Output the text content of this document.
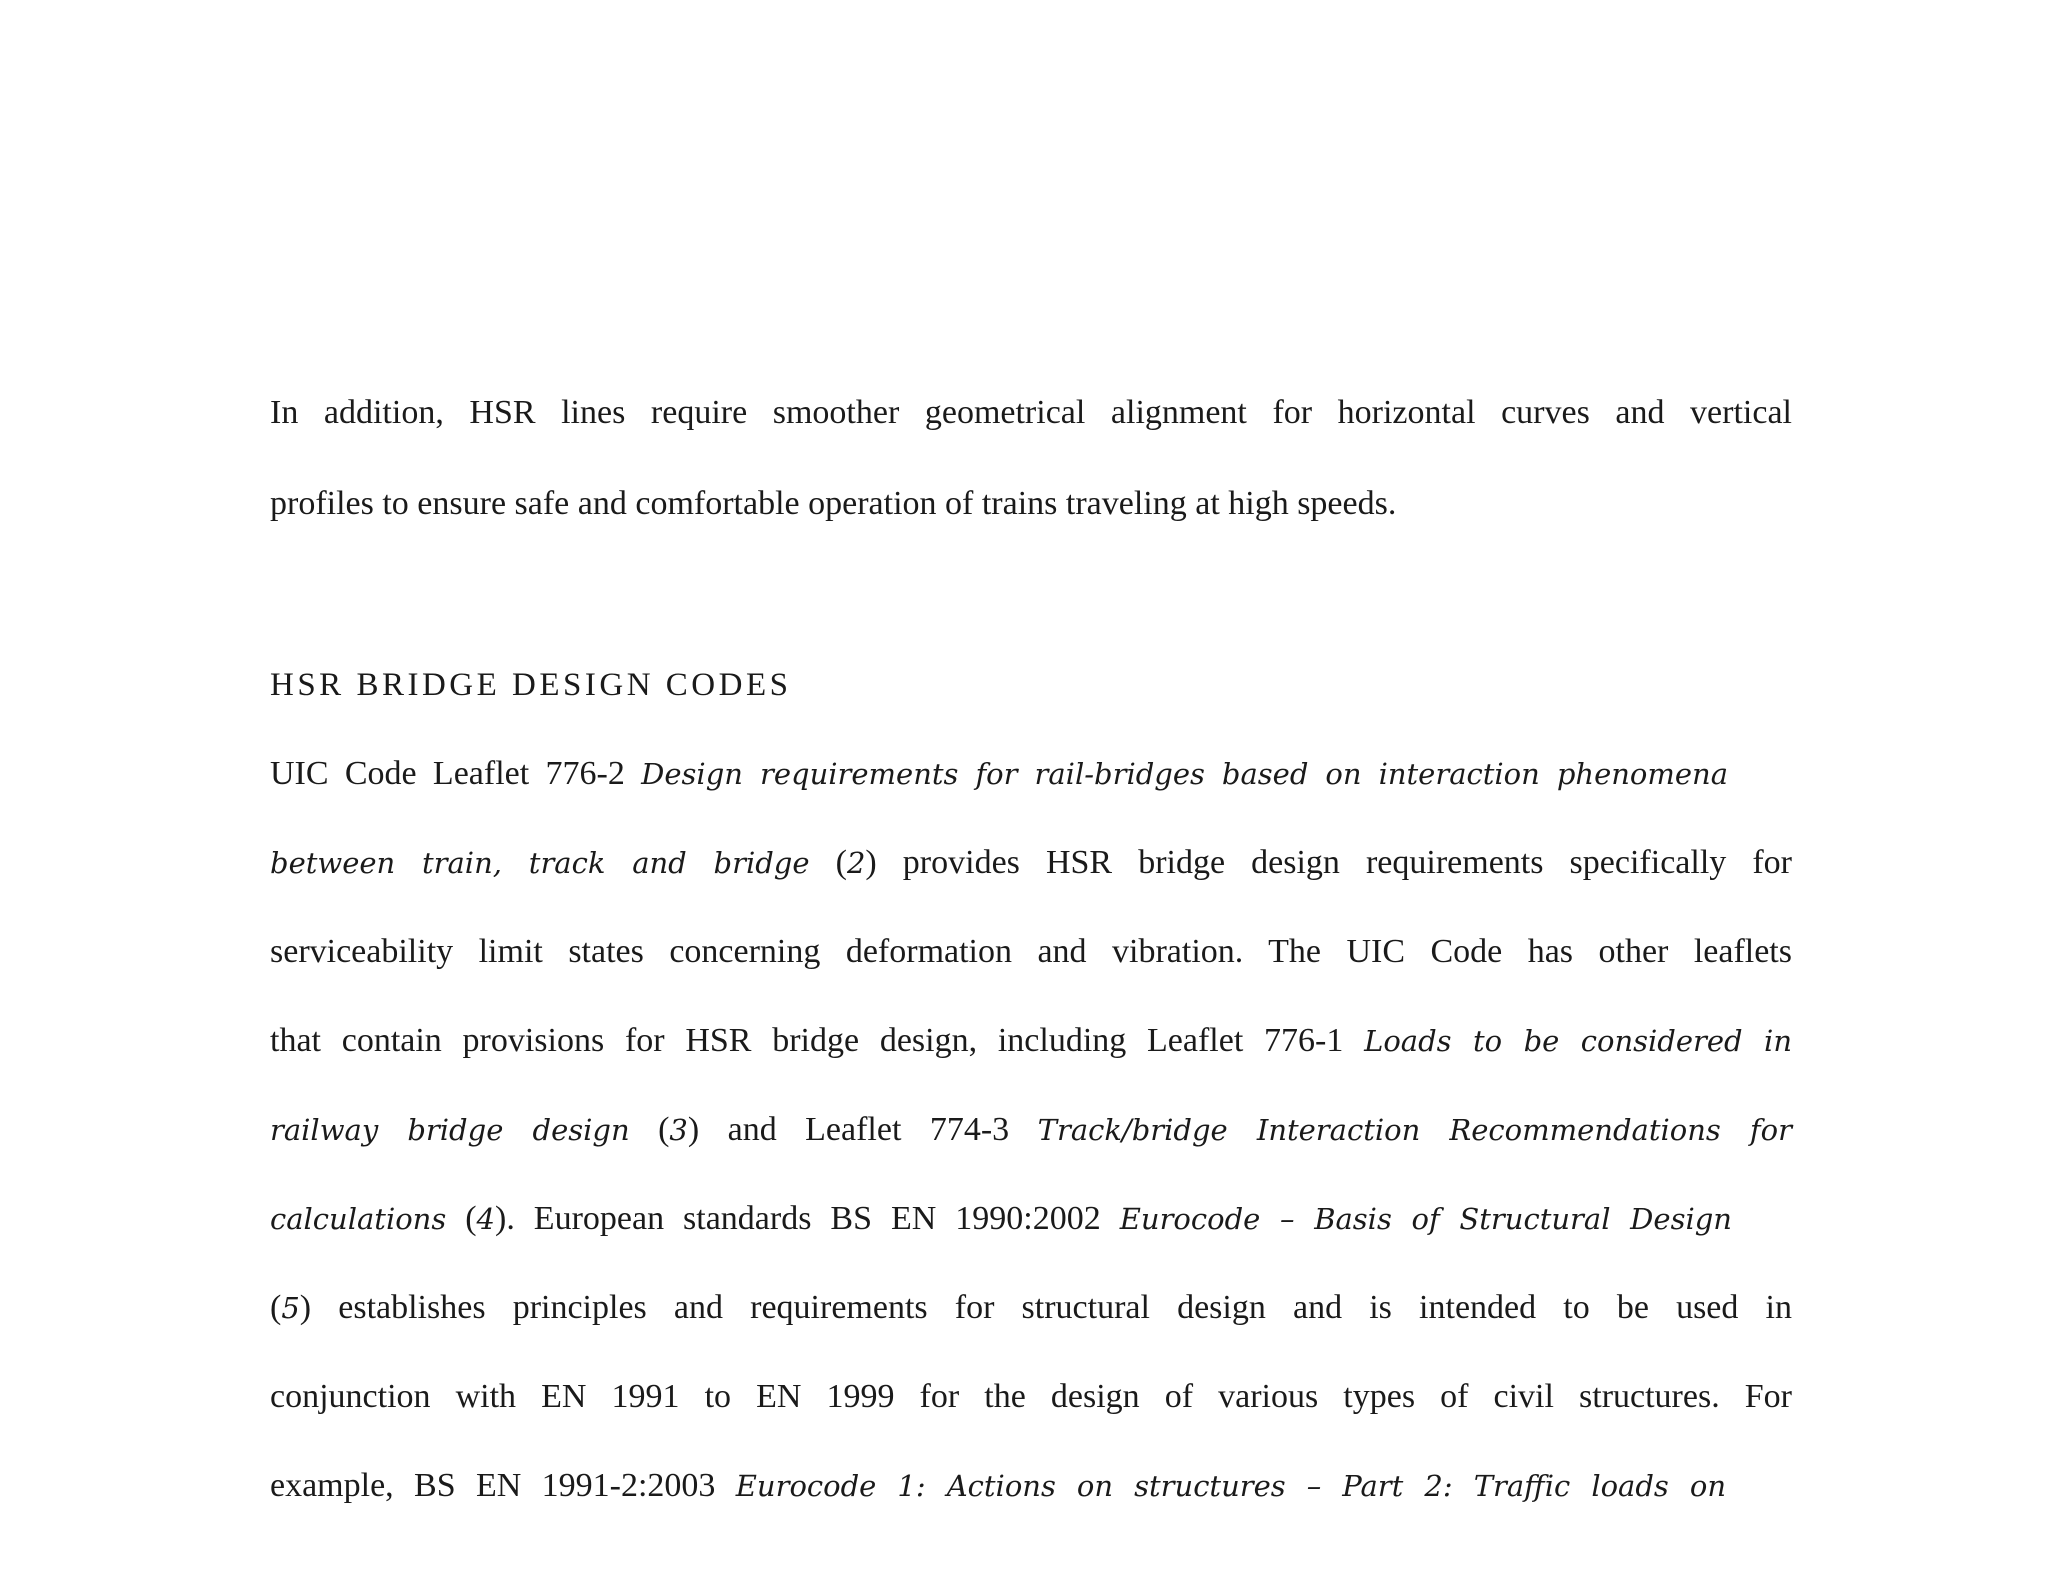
In addition, HSR lines require smoother geometrical alignment for horizontal curves and vertical
profiles to ensure safe and comfortable operation of trains traveling at high speeds.
HSR BRIDGE DESIGN CODES
UIC Code Leaflet 776-2 Design requirements for rail-bridges based on interaction phenomena
between train, track and bridge (2) provides HSR bridge design requirements specifically for
serviceability limit states concerning deformation and vibration. The UIC Code has other leaflets
that contain provisions for HSR bridge design, including Leaflet 776-1 Loads to be considered in
railway bridge design (3) and Leaflet 774-3 Track/bridge Interaction Recommendations for
calculations (4). European standards BS EN 1990:2002 Eurocode – Basis of Structural Design
(5) establishes principles and requirements for structural design and is intended to be used in
conjunction with EN 1991 to EN 1999 for the design of various types of civil structures. For
example, BS EN 1991-2:2003 Eurocode 1: Actions on structures – Part 2: Traffic loads on
